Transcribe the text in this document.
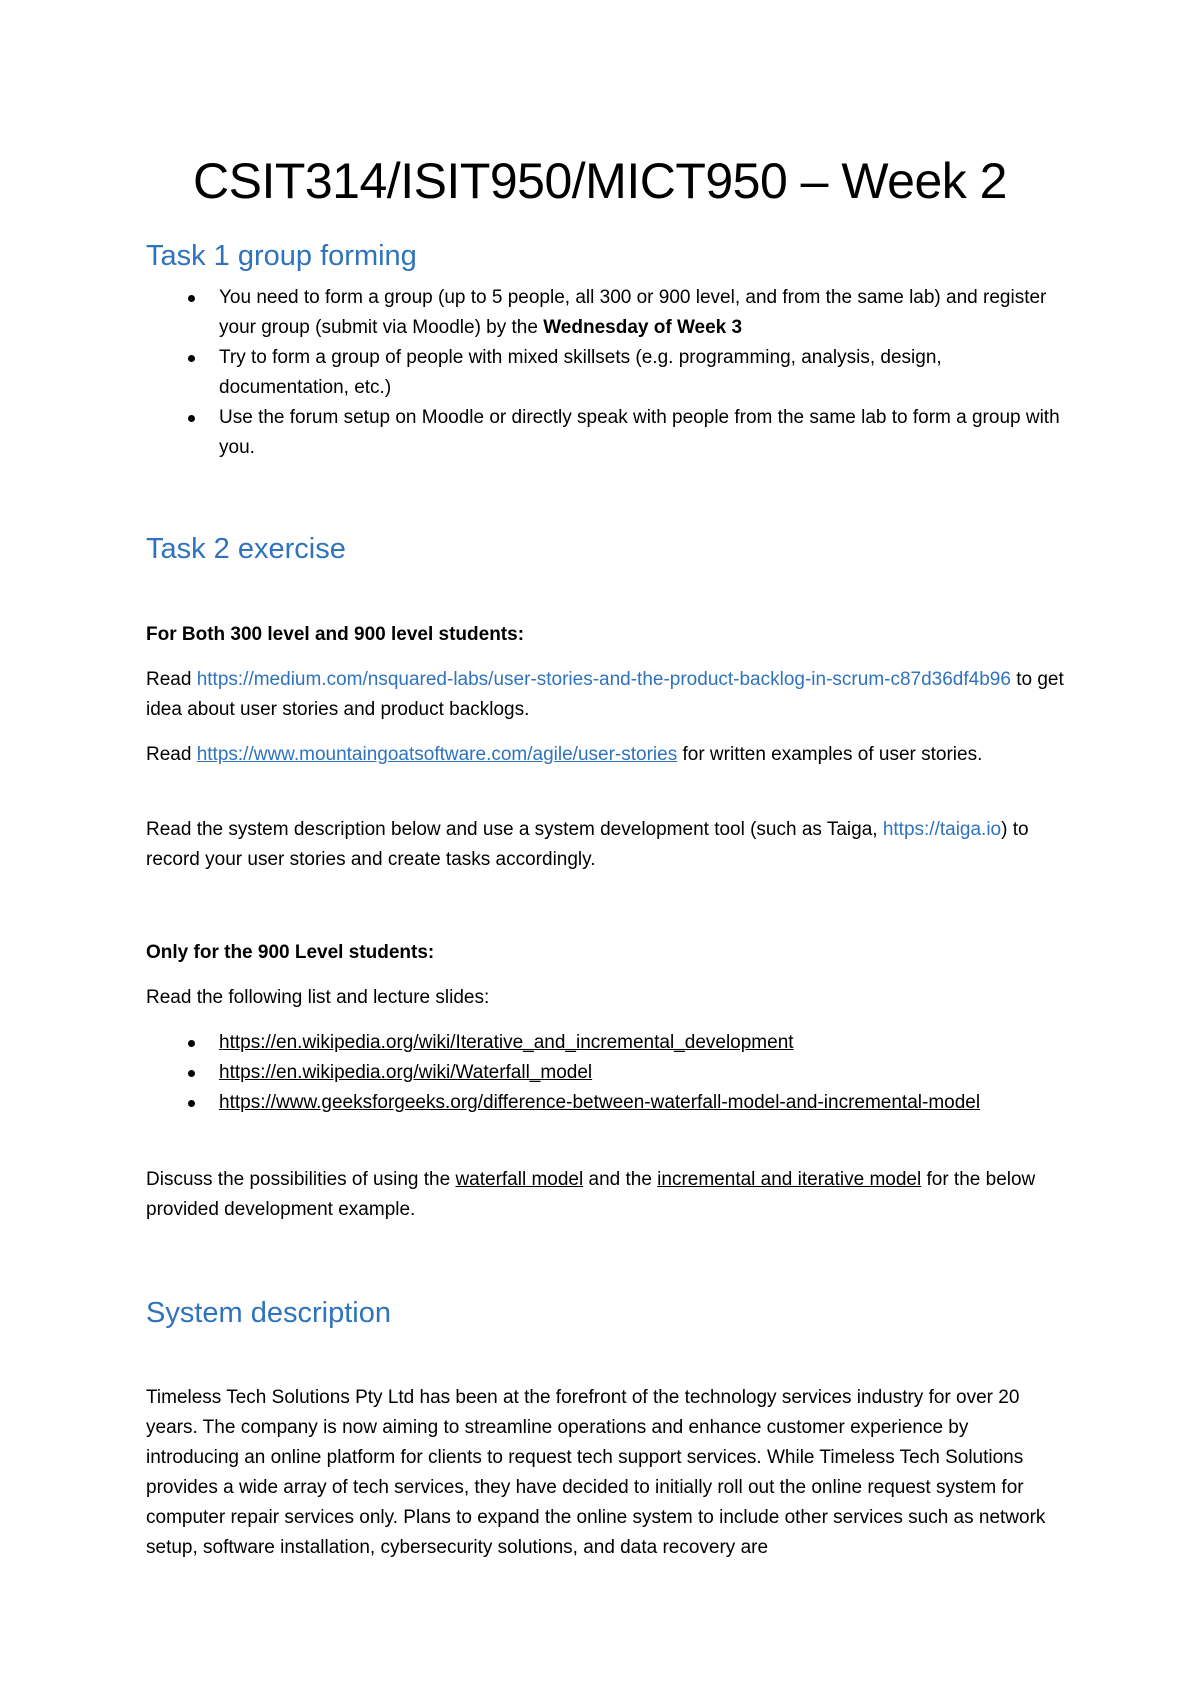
CSIT314/ISIT950/MICT950 – Week 2
Task 1 group forming
You need to form a group (up to 5 people, all 300 or 900 level, and from the same lab) and register your group (submit via Moodle) by the Wednesday of Week 3
Try to form a group of people with mixed skillsets (e.g. programming, analysis, design, documentation, etc.)
Use the forum setup on Moodle or directly speak with people from the same lab to form a group with you.
Task 2 exercise
For Both 300 level and 900 level students:

Read https://medium.com/nsquared-labs/user-stories-and-the-product-backlog-in-scrum-c87d36df4b96 to get idea about user stories and product backlogs.

Read https://www.mountaingoatsoftware.com/agile/user-stories for written examples of user stories.

Read the system description below and use a system development tool (such as Taiga, https://taiga.io) to record your user stories and create tasks accordingly.

Only for the 900 Level students:

Read the following list and lecture slides:

https://en.wikipedia.org/wiki/Iterative_and_incremental_development
https://en.wikipedia.org/wiki/Waterfall_model
https://www.geeksforgeeks.org/difference-between-waterfall-model-and-incremental-model

Discuss the possibilities of using the waterfall model and the incremental and iterative model for the below provided development example.

System description

Timeless Tech Solutions Pty Ltd has been at the forefront of the technology services industry for over 20 years. The company is now aiming to streamline operations and enhance customer experience by introducing an online platform for clients to request tech support services. While Timeless Tech Solutions provides a wide array of tech services, they have decided to initially roll out the online request system for computer repair services only. Plans to expand the online system to include other services such as network setup, software installation, cybersecurity solutions, and data recovery are
